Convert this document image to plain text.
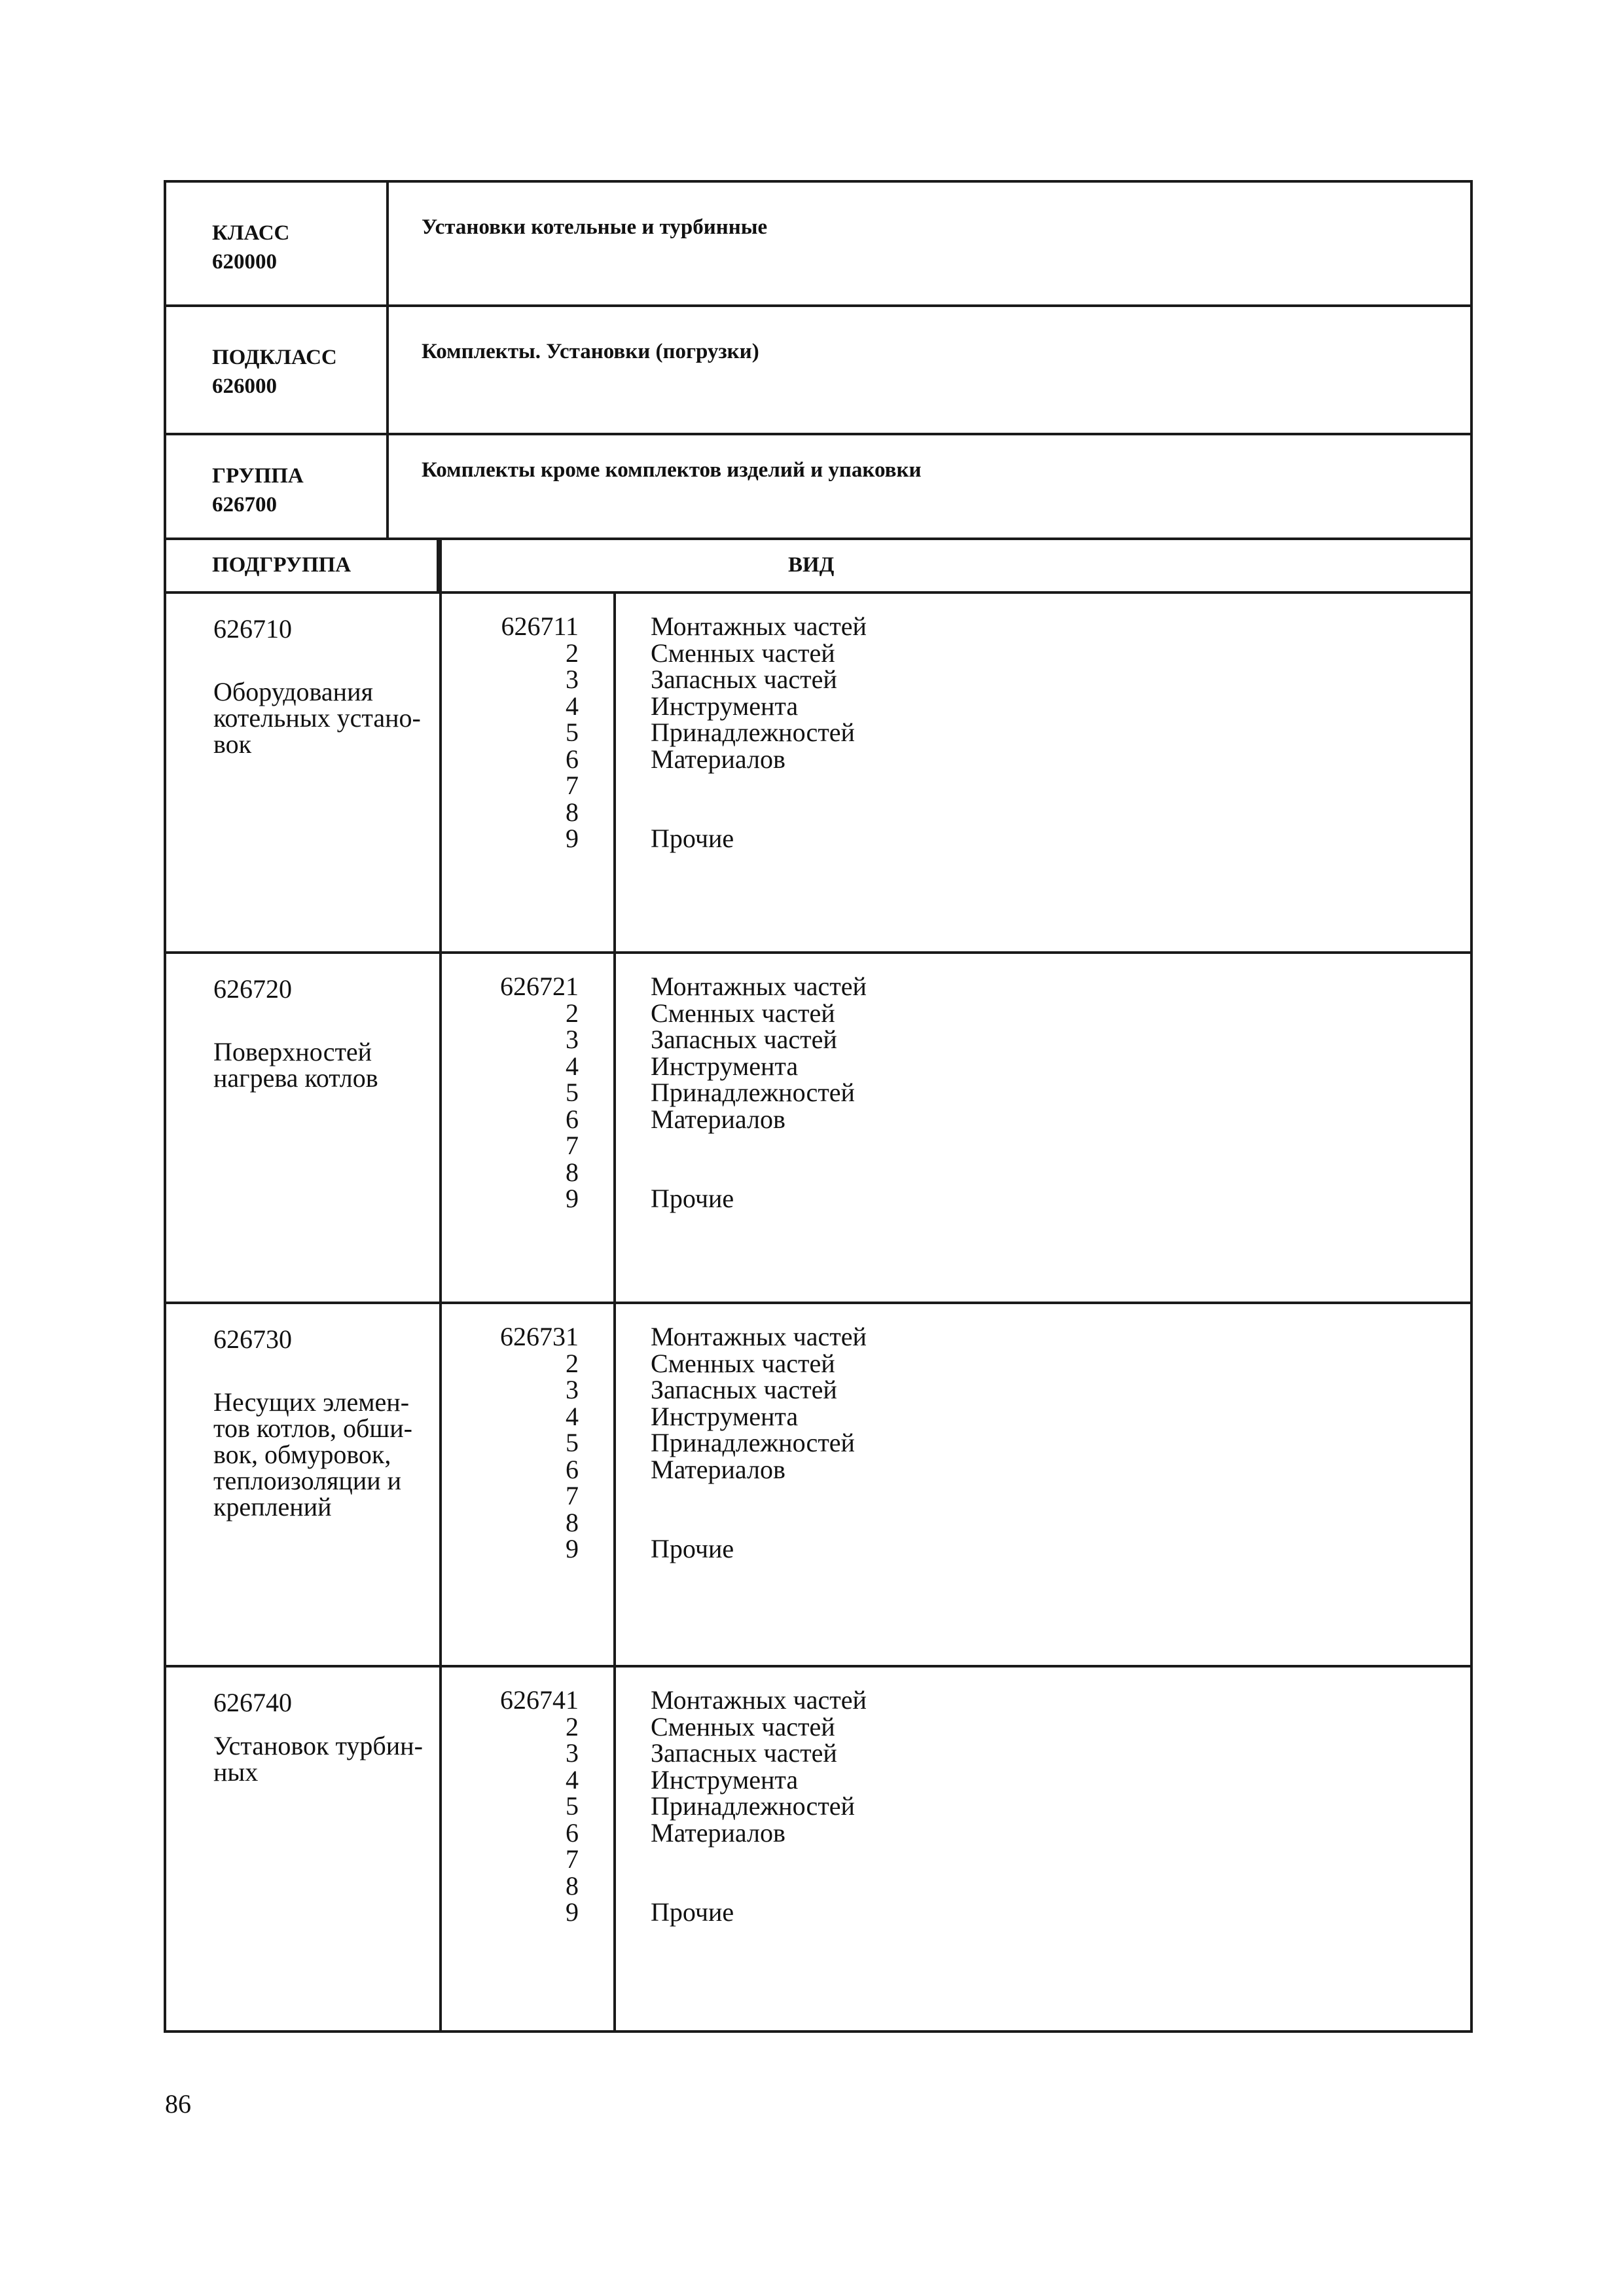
КЛАСС
620000
Установки котельные и турбинные
ПОДКЛАСС
626000
Комплекты. Установки (погрузки)
ГРУППА
626700
Комплекты кроме комплектов изделий и упаковки
ПОДГРУППА	ВИД
626710
Оборудования
котельных устано-
вок
626711
2
3
4
5
6
7
8
9
Монтажных частей
Сменных частей
Запасных частей
Инструмента
Принадлежностей
Материалов
Прочие
626720
Поверхностей
нагрева котлов
626721
2
3
4
5
6
7
8
9
Монтажных частей
Сменных частей
Запасных частей
Инструмента
Принадлежностей
Материалов
Прочие
626730
Несущих элемен-
тов котлов, обши-
вок, обмуровок,
теплоизоляции и
креплений
626731
2
3
4
5
6
7
8
9
Монтажных частей
Сменных частей
Запасных частей
Инструмента
Принадлежностей
Материалов
Прочие
626740
Установок турбин-
ных
626741
2
3
4
5
6
7
8
9
Монтажных частей
Сменных частей
Запасных частей
Инструмента
Принадлежностей
Материалов
Прочие
86
